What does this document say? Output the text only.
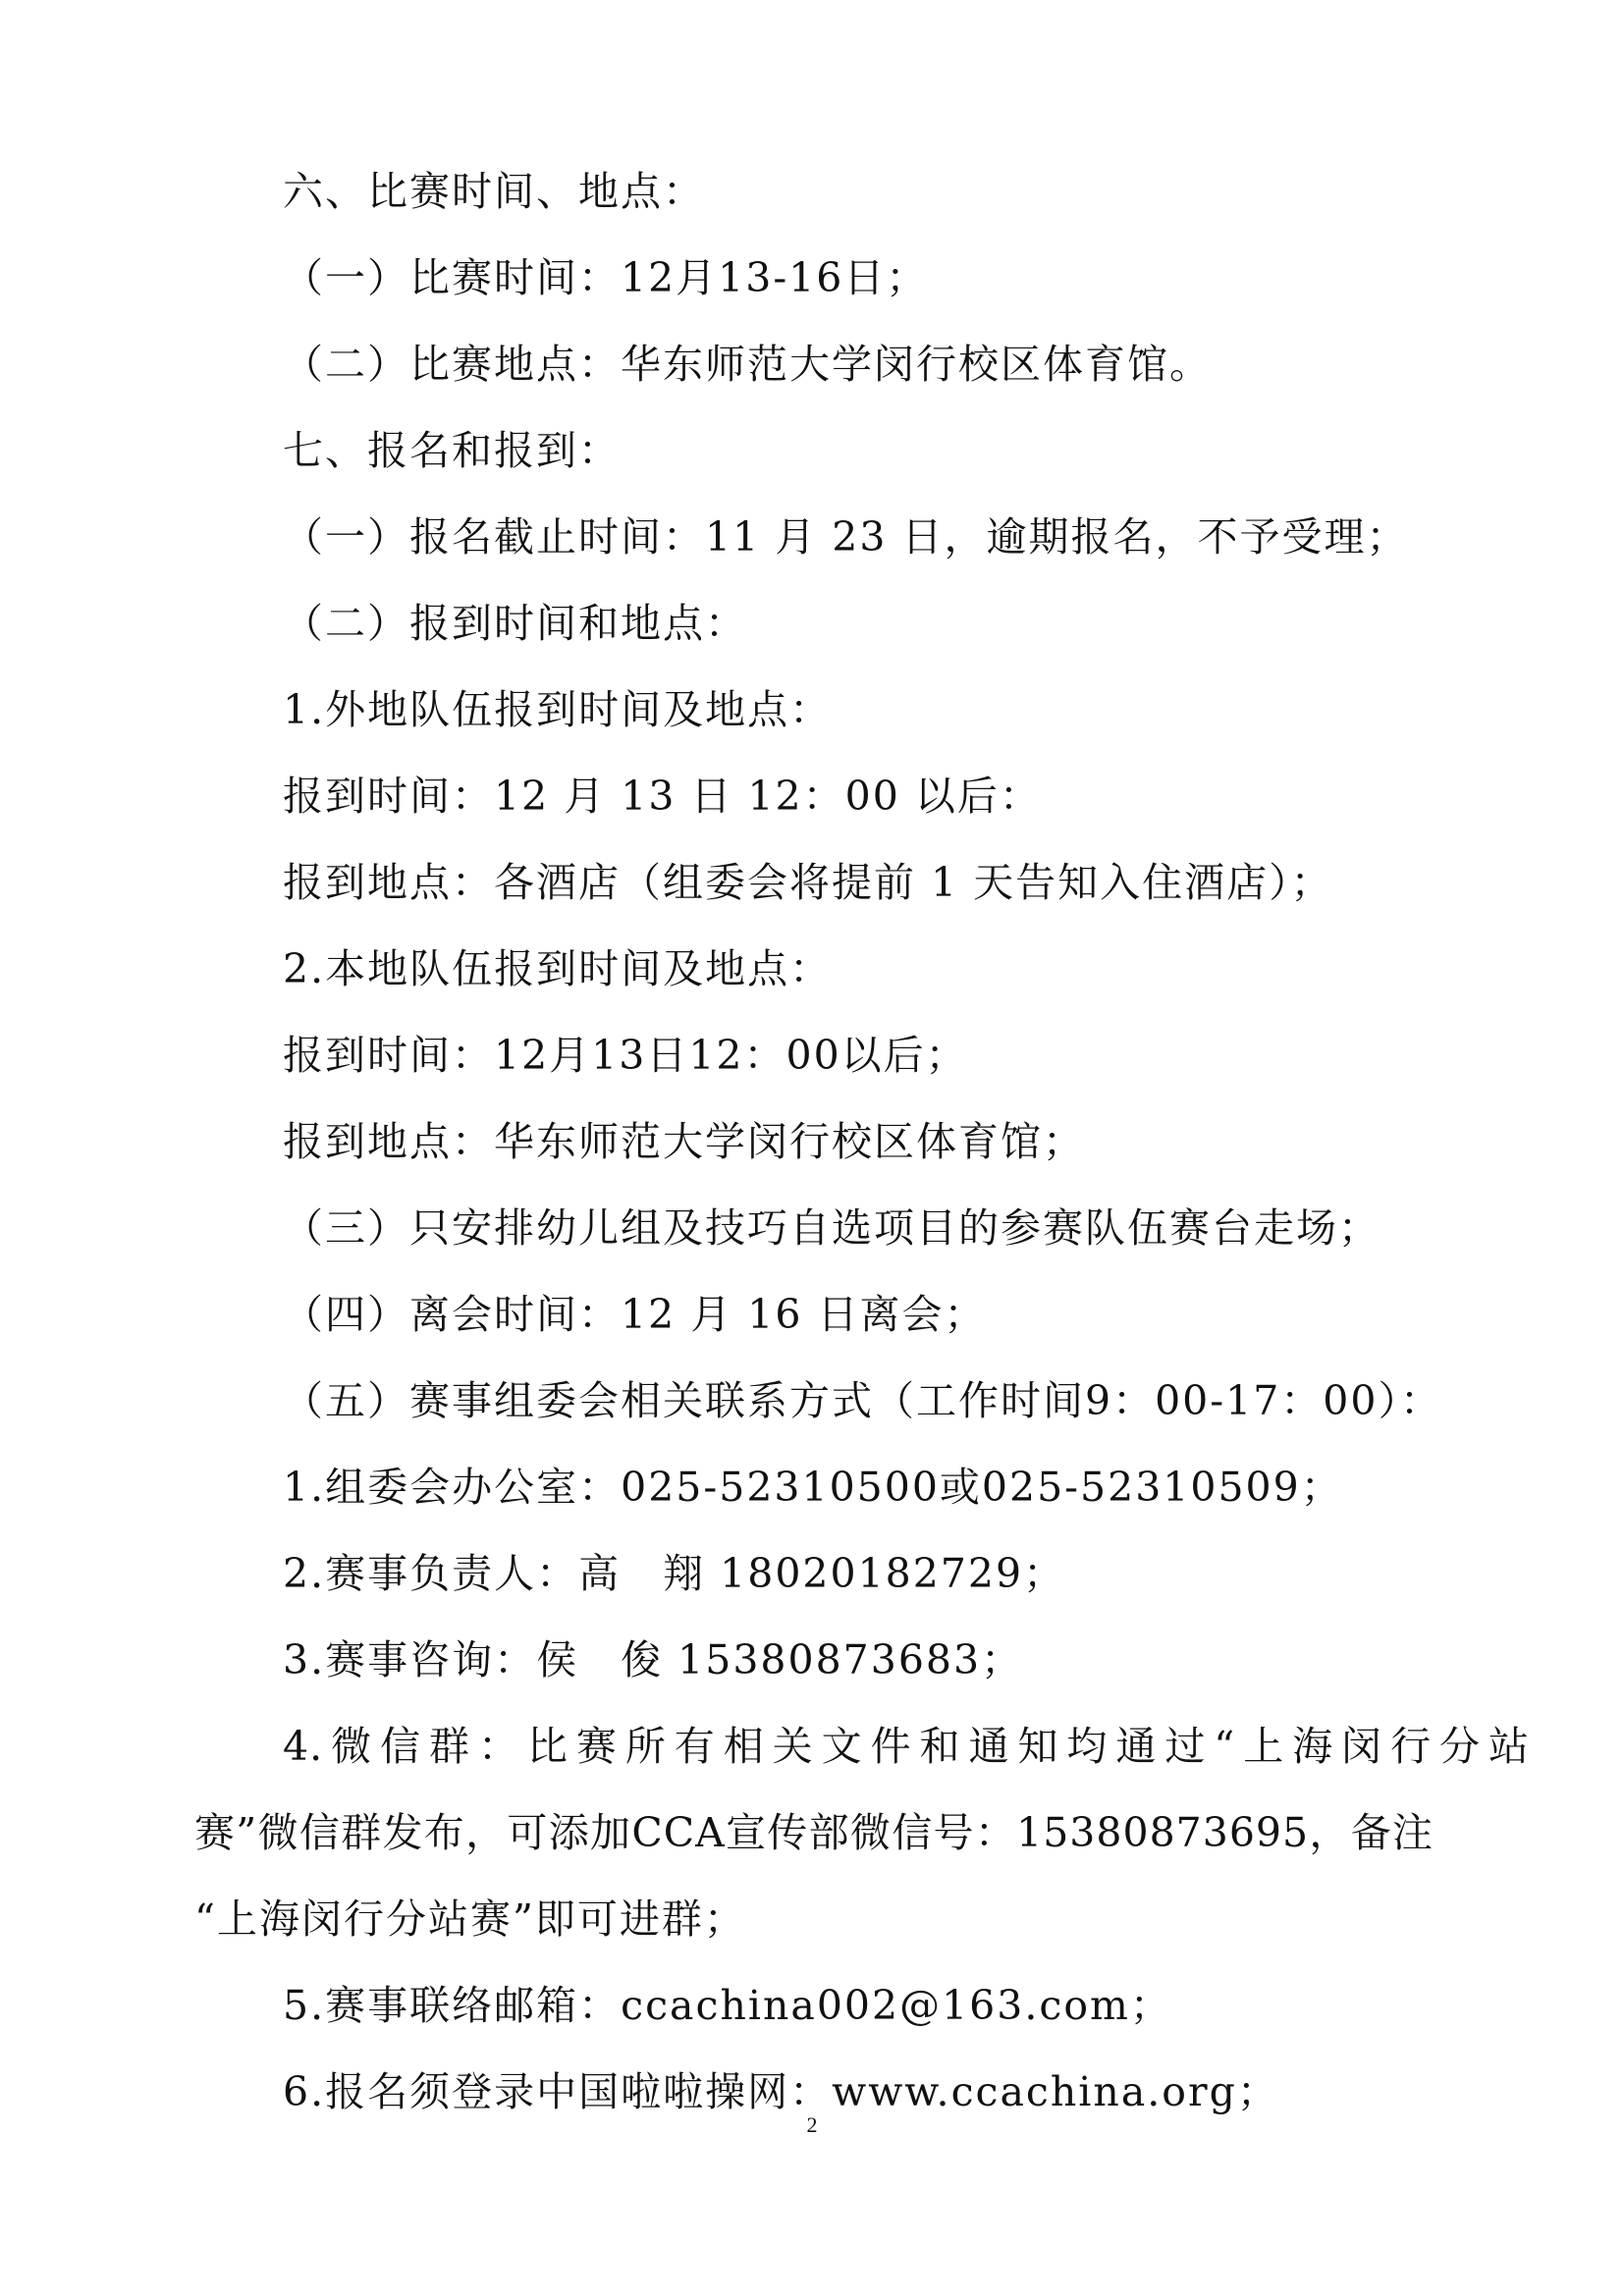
六、比赛时间、地点：
（一）比赛时间：12月13-16日；
（二）比赛地点：华东师范大学闵行校区体育馆。
七、报名和报到：
（一）报名截止时间：11 月 23 日，逾期报名，不予受理；
（二）报到时间和地点：
1.外地队伍报到时间及地点：
报到时间：12 月 13 日 12：00 以后：
报到地点：各酒店（组委会将提前 1 天告知入住酒店）；
2.本地队伍报到时间及地点：
报到时间：12月13日12：00以后；
报到地点：华东师范大学闵行校区体育馆；
（三）只安排幼儿组及技巧自选项目的参赛队伍赛台走场；
（四）离会时间：12 月 16 日离会；
（五）赛事组委会相关联系方式（工作时间9：00-17：00）：
1.组委会办公室：025-52310500或025-52310509；
2.赛事负责人：高　翔 18020182729；
3.赛事咨询：侯　俊 15380873683；
4.微信群：比赛所有相关文件和通知均通过“上海闵行分站
赛”微信群发布，可添加CCA宣传部微信号：15380873695，备注
“上海闵行分站赛”即可进群；
5.赛事联络邮箱：ccachina002@163.com；
6.报名须登录中国啦啦操网：www.ccachina.org；
2
